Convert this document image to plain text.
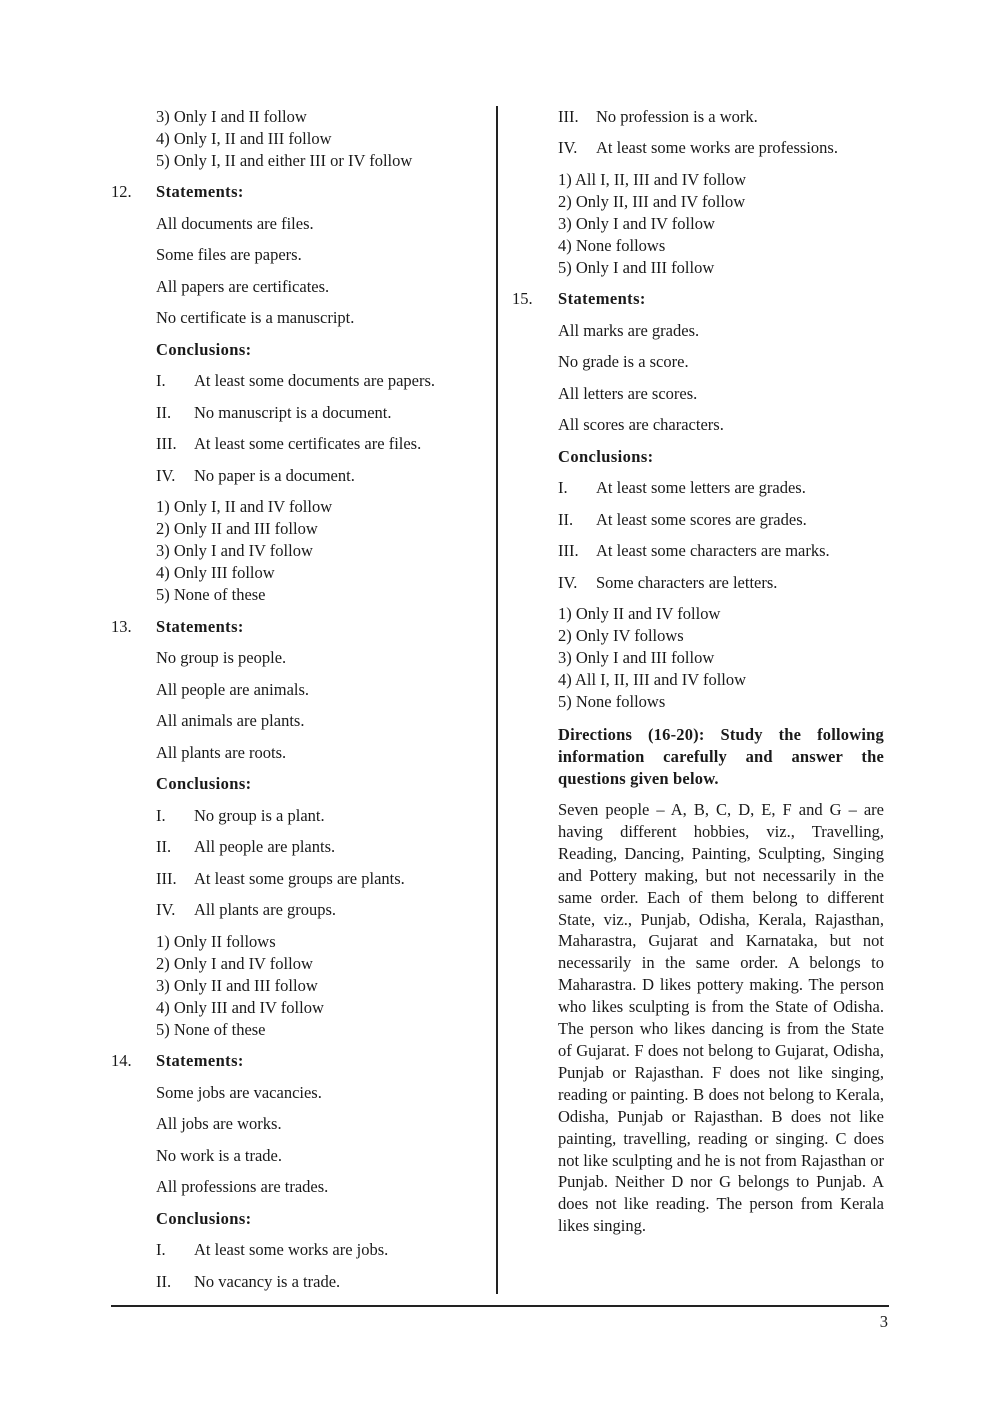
3) Only I and II follow
4) Only I, II and III follow
5) Only I, II and either III or IV follow
12. Statements:
All documents are files.
Some files are papers.
All papers are certificates.
No certificate is a manuscript.
Conclusions:
I. At least some documents are papers.
II. No manuscript is a document.
III. At least some certificates are files.
IV. No paper is a document.
1) Only I, II and IV follow
2) Only II and III follow
3) Only I and IV follow
4) Only III follow
5) None of these
13. Statements:
No group is people.
All people are animals.
All animals are plants.
All plants are roots.
Conclusions:
I. No group is a plant.
II. All people are plants.
III. At least some groups are plants.
IV. All plants are groups.
1) Only II follows
2) Only I and IV follow
3) Only II and III follow
4) Only III and IV follow
5) None of these
14. Statements:
Some jobs are vacancies.
All jobs are works.
No work is a trade.
All professions are trades.
Conclusions:
I. At least some works are jobs.
II. No vacancy is a trade.
III. No profession is a work.
IV. At least some works are professions.
1) All I, II, III and IV follow
2) Only II, III and IV follow
3) Only I and IV follow
4) None follows
5) Only I and III follow
15. Statements:
All marks are grades.
No grade is a score.
All letters are scores.
All scores are characters.
Conclusions:
I. At least some letters are grades.
II. At least some scores are grades.
III. At least some characters are marks.
IV. Some characters are letters.
1) Only II and IV follow
2) Only IV follows
3) Only I and III follow
4) All I, II, III and IV follow
5) None follows
Directions (16-20): Study the following information carefully and answer the questions given below.
Seven people – A, B, C, D, E, F and G – are having different hobbies, viz., Travelling, Reading, Dancing, Painting, Sculpting, Singing and Pottery making, but not necessarily in the same order. Each of them belong to different State, viz., Punjab, Odisha, Kerala, Rajasthan, Maharastra, Gujarat and Karnataka, but not necessarily in the same order. A belongs to Maharastra. D likes pottery making. The person who likes sculpting is from the State of Odisha. The person who likes dancing is from the State of Gujarat. F does not belong to Gujarat, Odisha, Punjab or Rajasthan. F does not like singing, reading or painting. B does not belong to Kerala, Odisha, Punjab or Rajasthan. B does not like painting, travelling, reading or singing. C does not like sculpting and he is not from Rajasthan or Punjab. Neither D nor G belongs to Punjab. A does not like reading. The person from Kerala likes singing.
3
